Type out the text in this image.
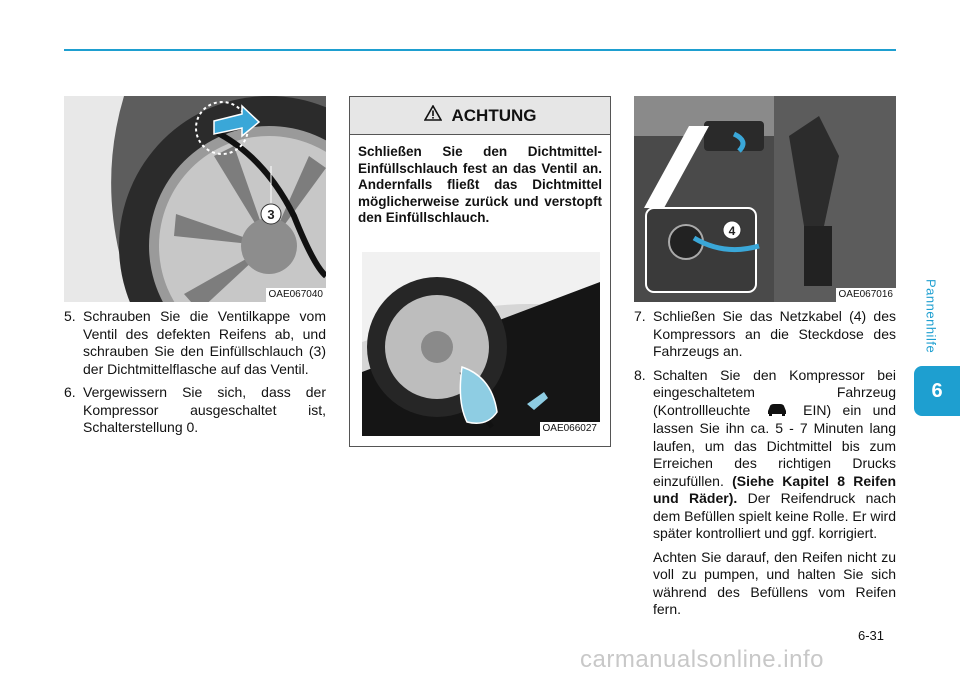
Pannenhilfe
6
3
OAE067040
5. Schrauben Sie die Ventilkappe vom Ventil des defekten Reifens ab, und schrauben Sie den Einfüllschlauch (3) der Dichtmittelflasche auf das Ventil.
6. Vergewissern Sie sich, dass der Kompressor ausgeschaltet ist, Schalterstellung 0.
ACHTUNG
Schließen Sie den Dichtmittel-Einfüllschlauch fest an das Ventil an. Andernfalls fließt das Dichtmittel möglicherweise zurück und verstopft den Einfüllschlauch.
OAE066027
4
OAE067016
7. Schließen Sie das Netzkabel (4) des Kompressors an die Steckdose des Fahrzeugs an.
8. Schalten Sie den Kompressor bei eingeschaltetem Fahrzeug (Kontrollleuchte	EIN) ein und lassen Sie ihn ca. 5 - 7 Minuten lang laufen, um das Dichtmittel bis zum Erreichen des richtigen Drucks einzufüllen. (Siehe Kapitel 8 Reifen und Räder). Der Reifendruck nach dem Befüllen spielt keine Rolle. Er wird später kontrolliert und ggf. korrigiert.
Achten Sie darauf, den Reifen nicht zu voll zu pumpen, und halten Sie sich während des Befüllens vom Reifen fern.
6-31
carmanualsonline.info
